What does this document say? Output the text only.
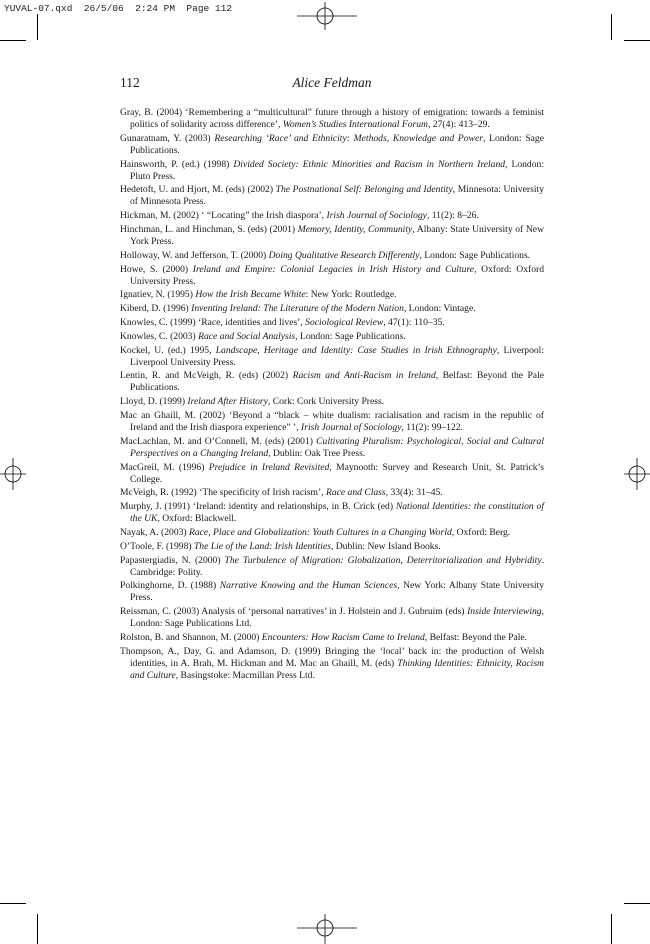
YUVAL-07.qxd  26/5/06  2:24 PM  Page 112
112	Alice Feldman
Gray, B. (2004) ‘Remembering a “multicultural” future through a history of emigration: towards a feminist politics of solidarity across difference’, Women’s Studies International Forum, 27(4): 413–29.
Gunaratnam, Y. (2003) Researching ‘Race’ and Ethnicity: Methods, Knowledge and Power, London: Sage Publications.
Hainsworth, P. (ed.) (1998) Divided Society: Ethnic Minorities and Racism in Northern Ireland, London: Pluto Press.
Hedetoft, U. and Hjort, M. (eds) (2002) The Postnational Self: Belonging and Identity, Minnesota: University of Minnesota Press.
Hickman, M. (2002) ‘ “Locating” the Irish diaspora’, Irish Journal of Sociology, 11(2): 8–26.
Hinchman, L. and Hinchman, S. (eds) (2001) Memory, Identity, Community, Albany: State University of New York Press.
Holloway, W. and Jefferson, T. (2000) Doing Qualitative Research Differently, London: Sage Publications.
Howe, S. (2000) Ireland and Empire: Colonial Legacies in Irish History and Culture, Oxford: Oxford University Press.
Ignatiev, N. (1995) How the Irish Became White: New York: Routledge.
Kiberd, D. (1996) Inventing Ireland: The Literature of the Modern Nation, London: Vintage.
Knowles, C. (1999) ‘Race, identities and lives’, Sociological Review, 47(1): 110–35.
Knowles, C. (2003) Race and Social Analysis, London: Sage Publications.
Kockel, U. (ed.) 1995, Landscape, Heritage and Identity: Case Studies in Irish Ethnography, Liverpool: Liverpool University Press.
Lentin, R. and McVeigh, R. (eds) (2002) Racism and Anti-Racism in Ireland, Belfast: Beyond the Pale Publications.
Lloyd, D. (1999) Ireland After History, Cork: Cork University Press.
Mac an Ghaill, M. (2002) ‘Beyond a “black – white dualism: racialisation and racism in the republic of Ireland and the Irish diaspora experience” ’, Irish Journal of Sociology, 11(2): 99–122.
MacLachlan, M. and O’Connell, M. (eds) (2001) Cultivating Pluralism: Psychological, Social and Cultural Perspectives on a Changing Ireland, Dublin: Oak Tree Press.
MacGreil, M. (1996) Prejudice in Ireland Revisited, Maynooth: Survey and Research Unit, St. Patrick’s College.
McVeigh, R. (1992) ‘The specificity of Irish racism’, Race and Class, 33(4): 31–45.
Murphy, J. (1991) ‘Ireland: identity and relationships, in B. Crick (ed) National Identities: the constitution of the UK, Oxford: Blackwell.
Nayak, A. (2003) Race, Place and Globalization: Youth Cultures in a Changing World, Oxford: Berg.
O’Toole, F. (1998) The Lie of the Land: Irish Identities, Dublin: New Island Books.
Papastergiadis, N. (2000) The Turbulence of Migration: Globalization, Deterritorialization and Hybridity. Cambridge: Polity.
Polkinghorne, D. (1988) Narrative Knowing and the Human Sciences, New York: Albany State University Press.
Reissman, C. (2003) Analysis of ‘personal narratives’ in J. Holstein and J. Gubruim (eds) Inside Interviewing, London: Sage Publications Ltd.
Rolston, B. and Shannon, M. (2000) Encounters: How Racism Came to Ireland, Belfast: Beyond the Pale.
Thompson, A., Day, G. and Adamson, D. (1999) Bringing the ‘local’ back in: the production of Welsh identities, in A. Brah, M. Hickman and M. Mac an Ghaill, M. (eds) Thinking Identities: Ethnicity, Racism and Culture, Basingstoke: Macmillan Press Ltd.
